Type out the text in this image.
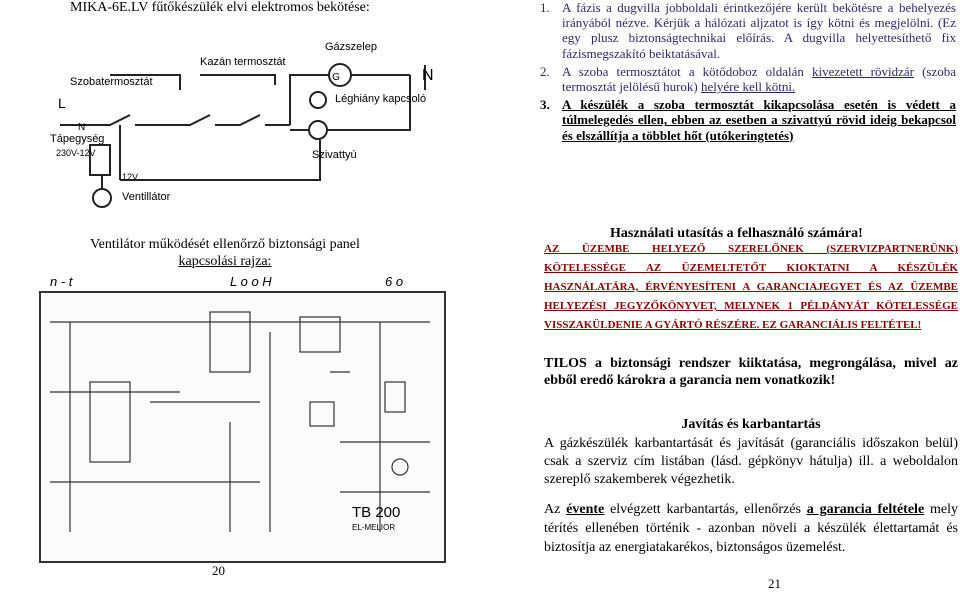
MIKA-6E.LV fűtőkészülék elvi elektromos bekötése:
Szobatermosztát
Kazán termosztát
Gázszelep
G
Léghiány kapcsoló
Szivattyú
Tápegység
230V-12V
12V
Ventillátor
N
L
N
Ventilátor működését ellenőrző biztonsági panel
kapcsolási rajza:
n - t	L o o H	6 o
TB 200
EL-MELIOR
20
1. A fázis a dugvilla jobboldali érintkezőjére került bekötésre a behelyezés irányából nézve. Kérjük a hálózati aljzatot is így kötni és megjelölni. (Ez egy plusz biztonságtechnikai előírás. A dugvilla helyettesíthető fix fázismegszakító beiktatásával.
2. A szoba termosztátot a kötődoboz oldalán kivezetett rövidzár (szoba termosztát jelölésű hurok) helyére kell kötni.
3. A készülék a szoba termosztát kikapcsolása esetén is védett a túlmelegedés ellen, ebben az esetben a szivattyú rövid ideig bekapcsol és elszállítja a többlet hőt (utókeringtetés)
Használati utasítás a felhasználó számára!
AZ ÜZEMBE HELYEZŐ SZERELŐNEK (SZERVIZPARTNERÜNK) KÖTELESSÉGE AZ ÜZEMELTETŐT KIOKTATNI A KÉSZÜLÉK HASZNÁLATÁRA, ÉRVÉNYESÍTENI A GARANCIAJEGYET ÉS AZ ÜZEMBE HELYEZÉSI JEGYZŐKÖNYVET, MELYNEK 1 PÉLDÁNYÁT KÖTELESSÉGE VISSZAKÜLDENIE A GYÁRTÓ RÉSZÉRE. EZ GARANCIÁLIS FELTÉTEL!
TILOS a biztonsági rendszer kiiktatása, megrongálása, mivel az ebből eredő károkra a garancia nem vonatkozik!
Javítás és karbantartás
A gázkészülék karbantartását és javítását (garanciális időszakon belül) csak a szerviz cím listában (lásd. gépkönyv hátulja) ill. a weboldalon szereplő szakemberek végezhetik.
Az évente elvégzett karbantartás, ellenőrzés a garancia feltétele mely térítés ellenében történik - azonban növeli a készülék élettartamát és biztosítja az energiatakarékos, biztonságos üzemelést.
21
